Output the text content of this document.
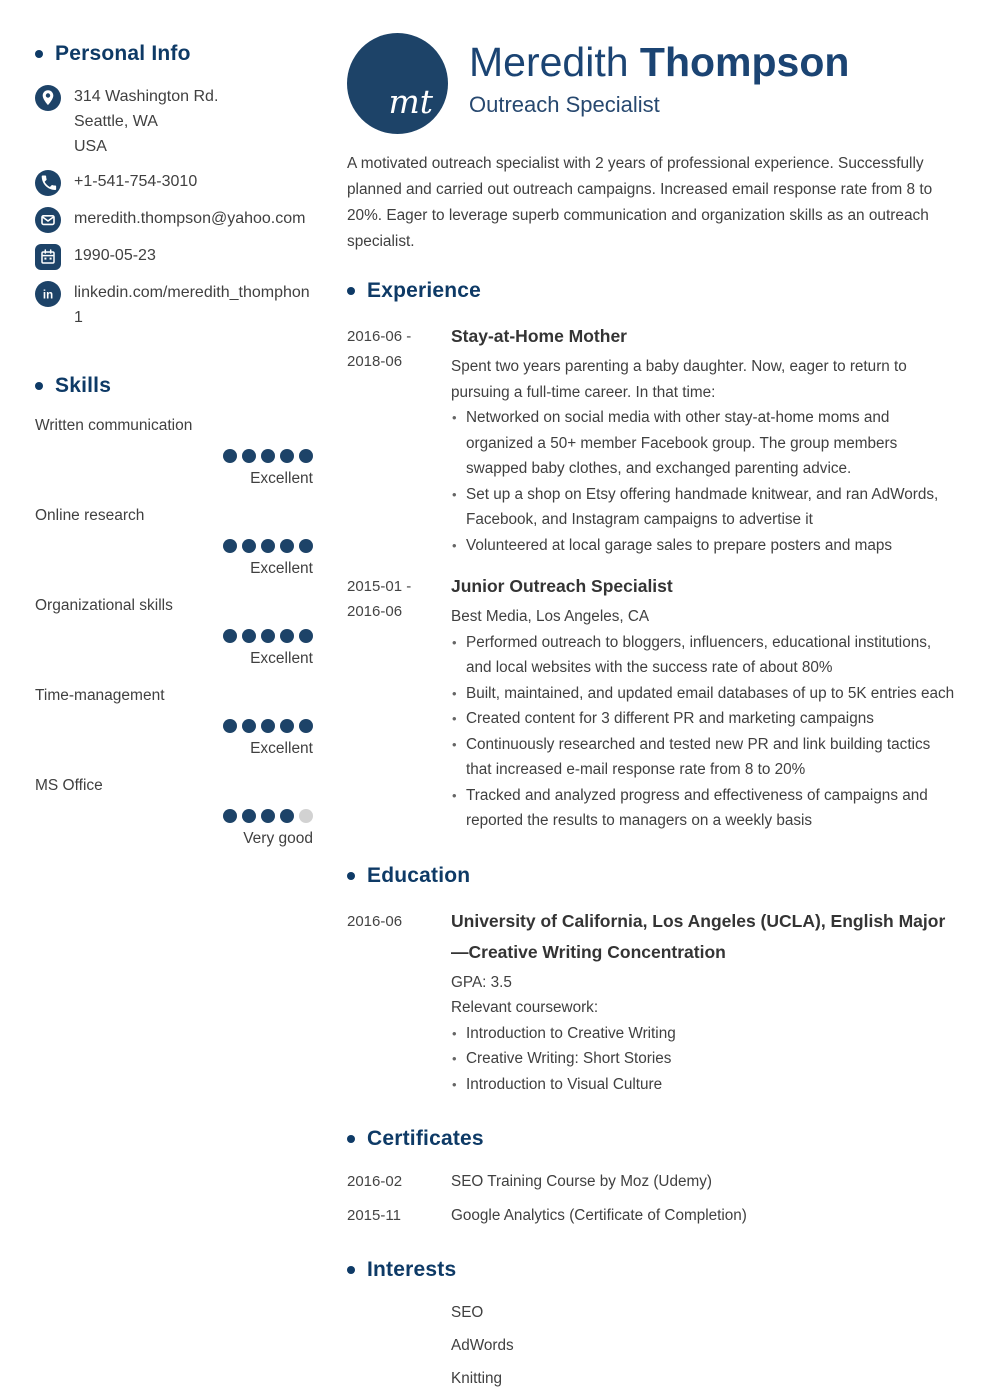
Personal Info
314 Washington Rd.
Seattle, WA
USA
+1-541-754-3010
meredith.thompson@yahoo.com
1990-05-23
in linkedin.com/meredith_thomphon
1
Skills
Written communication
Excellent
Online research
Excellent
Organizational skills
Excellent
Time-management
Excellent
MS Office
Very good
mt
Meredith Thompson
Outreach Specialist

A motivated outreach specialist with 2 years of professional experience. Successfully planned and carried out outreach campaigns. Increased email response rate from 8 to 20%. Eager to leverage superb communication and organization skills as an outreach specialist.

Experience
2016-06 -
2018-06
Stay-at-Home Mother
Spent two years parenting a baby daughter. Now, eager to return to pursuing a full-time career. In that time:
• Networked on social media with other stay-at-home moms and organized a 50+ member Facebook group. The group members swapped baby clothes, and exchanged parenting advice.
• Set up a shop on Etsy offering handmade knitwear, and ran AdWords, Facebook, and Instagram campaigns to advertise it
• Volunteered at local garage sales to prepare posters and maps
2015-01 -
2016-06
Junior Outreach Specialist
Best Media, Los Angeles, CA
• Performed outreach to bloggers, influencers, educational institutions, and local websites with the success rate of about 80%
• Built, maintained, and updated email databases of up to 5K entries each
• Created content for 3 different PR and marketing campaigns
• Continuously researched and tested new PR and link building tactics that increased e-mail response rate from 8 to 20%
• Tracked and analyzed progress and effectiveness of campaigns and reported the results to managers on a weekly basis
Education
2016-06	University of California, Los Angeles (UCLA), English Major—Creative Writing Concentration
GPA: 3.5
Relevant coursework:
• Introduction to Creative Writing
• Creative Writing: Short Stories
• Introduction to Visual Culture
Certificates
2016-02	SEO Training Course by Moz (Udemy)
2015-11	Google Analytics (Certificate of Completion)
Interests
SEO
AdWords
Knitting
